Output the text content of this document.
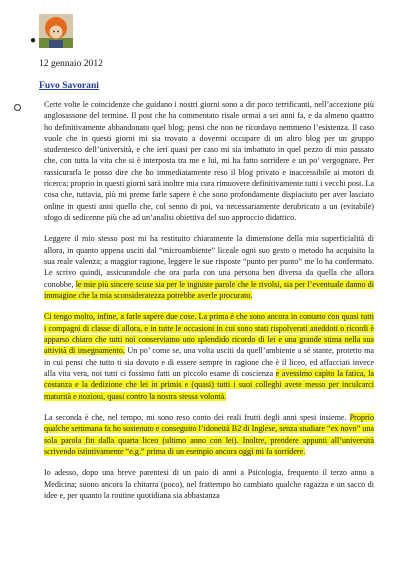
●
12 gennaio 2012
Fuvo Savorani

Certe volte le coincidenze che guidano i nostri giorni sono a dir poco terrificanti, nell’accezione più anglosassone del termine. Il post che ha commentato risale ormai a sei anni fa, e da almeno quattro ho definitivamente abbandonato quel blog; pensi che non ne ricordavo nemmeno l’esistenza. Il caso vuole che in questi giorni mi sia trovato a dovermi occupare di un altro blog per un gruppo studentesco dell’università, e che ieri quasi per caso mi sia imbattuto in quel pezzo di mio passato che, con tutta la vita che si è interposta tra me e lui, mi ha fatto sorridere e un po’ vergognare. Per rassicurarla le posso dire che ho immediatamente reso il blog privato e inaccessibile ai motori di ricerca; proprio in questi giorni sarà inoltre mia cura rimuovere definitivamente tutti i vecchi post. La cosa che, tuttavia, più mi preme farle sapere è che sono profondamente dispiaciuto per aver lasciato online in questi anni quello che, col senno di poi, va necessariamente derubricato a un (evitabile) sfogo di sedicenne più che ad un’analisi obiettiva del suo approccio didattico.

Leggere il mio stesso post mi ha restituito chiaramente la dimensione della mia superficialità di allora, in quanto appena usciti dal “microambiente” liceale ogni suo gesto o metodo ha acquisito la sua reale valenza; a maggior ragione, leggere le sue risposte “punto per punto” me lo ha confermato. Le scrivo quindi, assicurandole che ora parla con una persona ben diversa da quella che allora conobbe, le mie più sincere scuse sia per le ingiuste parole che le rivolsi, sia per l’eventuale danno di immagine che la mia sconsideratezza potrebbe averle procurato.

Ci tengo molto, infine, a farle sapere due cose. La prima è che sono ancora in contatto con quasi tutti i compagni di classe di allora, e in tutte le occasioni in cui sono stati rispolverati aneddoti o ricordi è apparso chiaro che tutti noi conserviamo uno splendido ricordo di lei e una grande stima nella sua attività di insegnamento. Un po’ come se, una volta usciti da quell’ambiente a sé stante, protetto ma in cui pensi che tutto ti sia dovuto e di essere sempre in ragione che è il liceo, ed affacciati invece alla vita vera, noi tutti ci fossimo fatti un piccolo esame di coscienza e avessimo capito la fatica, la costanza e la dedizione che lei in primis e (quasi) tutti i suoi colleghi avete messo per inculcarci maturità e nozioni, quasi contro la nostra stessa volontà.

La seconda è che, nel tempo, mi sono reso conto dei reali frutti degli anni spesi insieme. Proprio qualche settimana fa ho sostenuto e conseguito l’idoneità B2 di Inglese, senza studiare “ex novo” una sola parola fin dalla quarta liceo (ultimo anno con lei). Inoltre, prendere appunti all’università scrivendo istintivamente “e.g.” prima di un esempio ancora oggi mi fa sorridere.

Io adesso, dopo una breve parentesi di un paio di anni a Psicologia, frequento il terzo anno a Medicina; suono ancora la chitarra (poco), nel frattempo ho cambiato qualche ragazza e un sacco di idee e, per quanto la routine quotidiana sia abbastanza
